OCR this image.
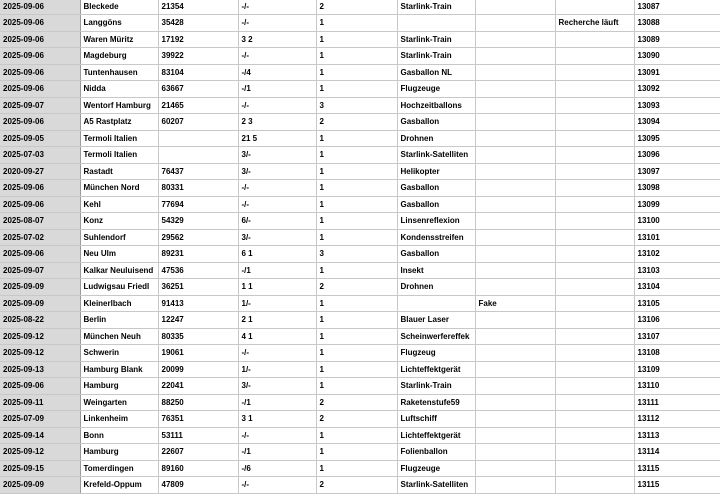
2025-09-06	Bleckede	21354	-/-	2	Starlink-Train			13087
2025-09-06	Langgöns	35428	-/-	1			Recherche läuft	13088
2025-09-06	Waren Müritz	17192	3 2	1	Starlink-Train			13089
2025-09-06	Magdeburg	39922	-/-	1	Starlink-Train			13090
2025-09-06	Tuntenhausen	83104	-/4	1	Gasballon NL			13091
2025-09-06	Nidda	63667	-/1	1	Flugzeuge			13092
2025-09-07	Wentorf Hamburg	21465	-/-	3	Hochzeitballons			13093
2025-09-06	A5 Rastplatz	60207	2 3	2	Gasballon			13094
2025-09-05	Termoli Italien		21 5	1	Drohnen			13095
2025-07-03	Termoli Italien		3/-	1	Starlink-Satelliten			13096
2020-09-27	Rastadt	76437	3/-	1	Helikopter			13097
2025-09-06	München Nord	80331	-/-	1	Gasballon			13098
2025-09-06	Kehl	77694	-/-	1	Gasballon			13099
2025-08-07	Konz	54329	6/-	1	Linsenreflexion			13100
2025-07-02	Suhlendorf	29562	3/-	1	Kondensstreifen			13101
2025-09-06	Neu Ulm	89231	6 1	3	Gasballon			13102
2025-09-07	Kalkar Neuluisend	47536	-/1	1	Insekt			13103
2025-09-09	Ludwigsau Friedl	36251	1 1	2	Drohnen			13104
2025-09-09	Kleinerlbach	91413	1/-	1		Fake		13105
2025-08-22	Berlin	12247	2 1	1	Blauer Laser			13106
2025-09-12	München Neuh	80335	4 1	1	Scheinwerfereffek			13107
2025-09-12	Schwerin	19061	-/-	1	Flugzeug			13108
2025-09-13	Hamburg Blank	20099	1/-	1	Lichteffektgerät			13109
2025-09-06	Hamburg	22041	3/-	1	Starlink-Train			13110
2025-09-11	Weingarten	88250	-/1	2	Raketenstufe59			13111
2025-07-09	Linkenheim	76351	3 1	2	Luftschiff			13112
2025-09-14	Bonn	53111	-/-	1	Lichteffektgerät			13113
2025-09-12	Hamburg	22607	-/1	1	Folienballon			13114
2025-09-15	Tomerdingen	89160	-/6	1	Flugzeuge			13115
2025-09-09	Krefeld-Oppum	47809	-/-	2	Starlink-Satelliten			13115
